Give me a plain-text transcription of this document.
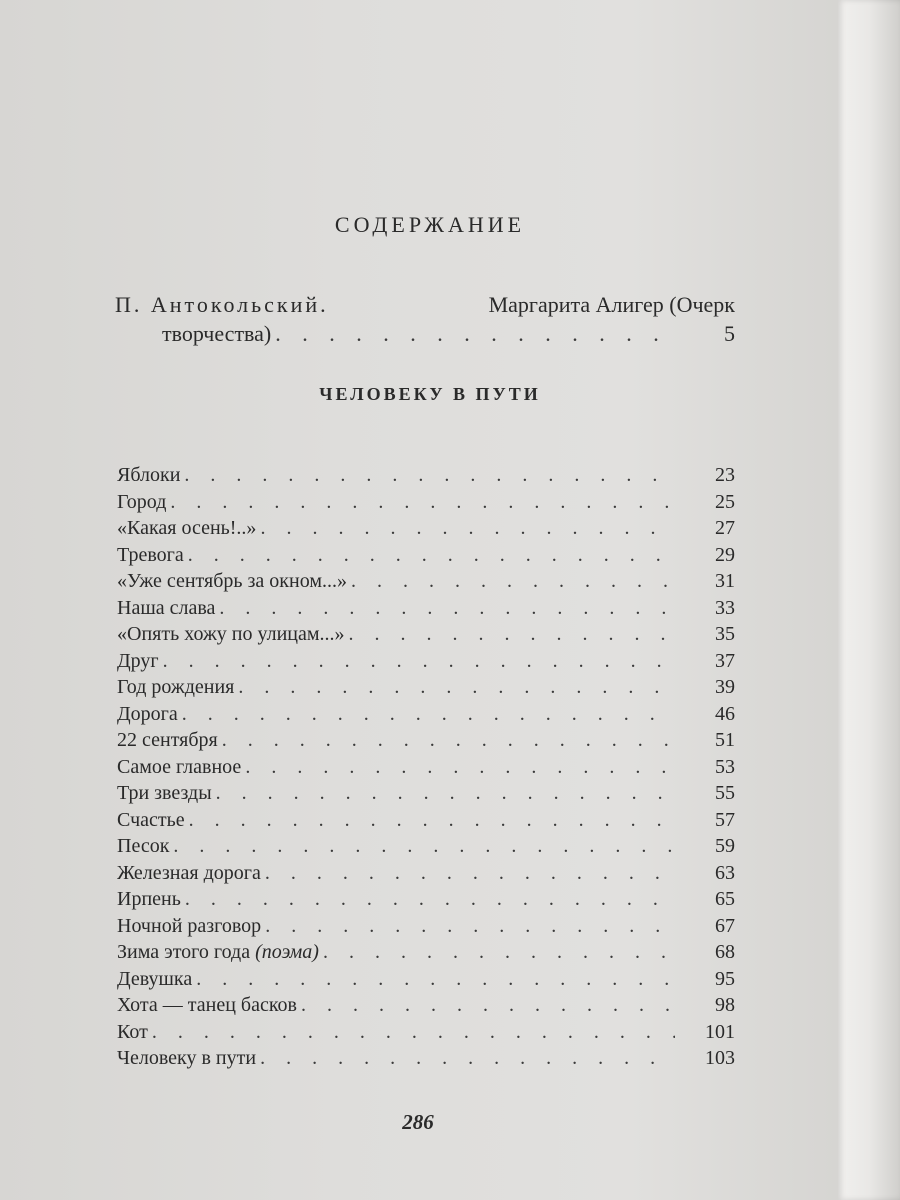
СОДЕРЖАНИЕ
П. Антокольский.	Маргарита Алигер (Очерк
творчества) . . .	5
ЧЕЛОВЕКУ В ПУТИ
Яблоки . . .	23
Город . . .	25
«Какая осень!..» . . .	27
Тревога . . .	29
«Уже сентябрь за окном...» . . .	31
Наша слава . . .	33
«Опять хожу по улицам...» . . .	35
Друг . . .	37
Год рождения . . .	39
Дорога . . .	46
22 сентября . . .	51
Самое главное . . .	53
Три звезды . . .	55
Счастье . . .	57
Песок . . .	59
Железная дорога . . .	63
Ирпень . . .	65
Ночной разговор . . .	67
Зима этого года (поэма) . . .	68
Девушка . . .	95
Хота — танец басков . . .	98
Кот . . .	101
Человеку в пути . . .	103
286
